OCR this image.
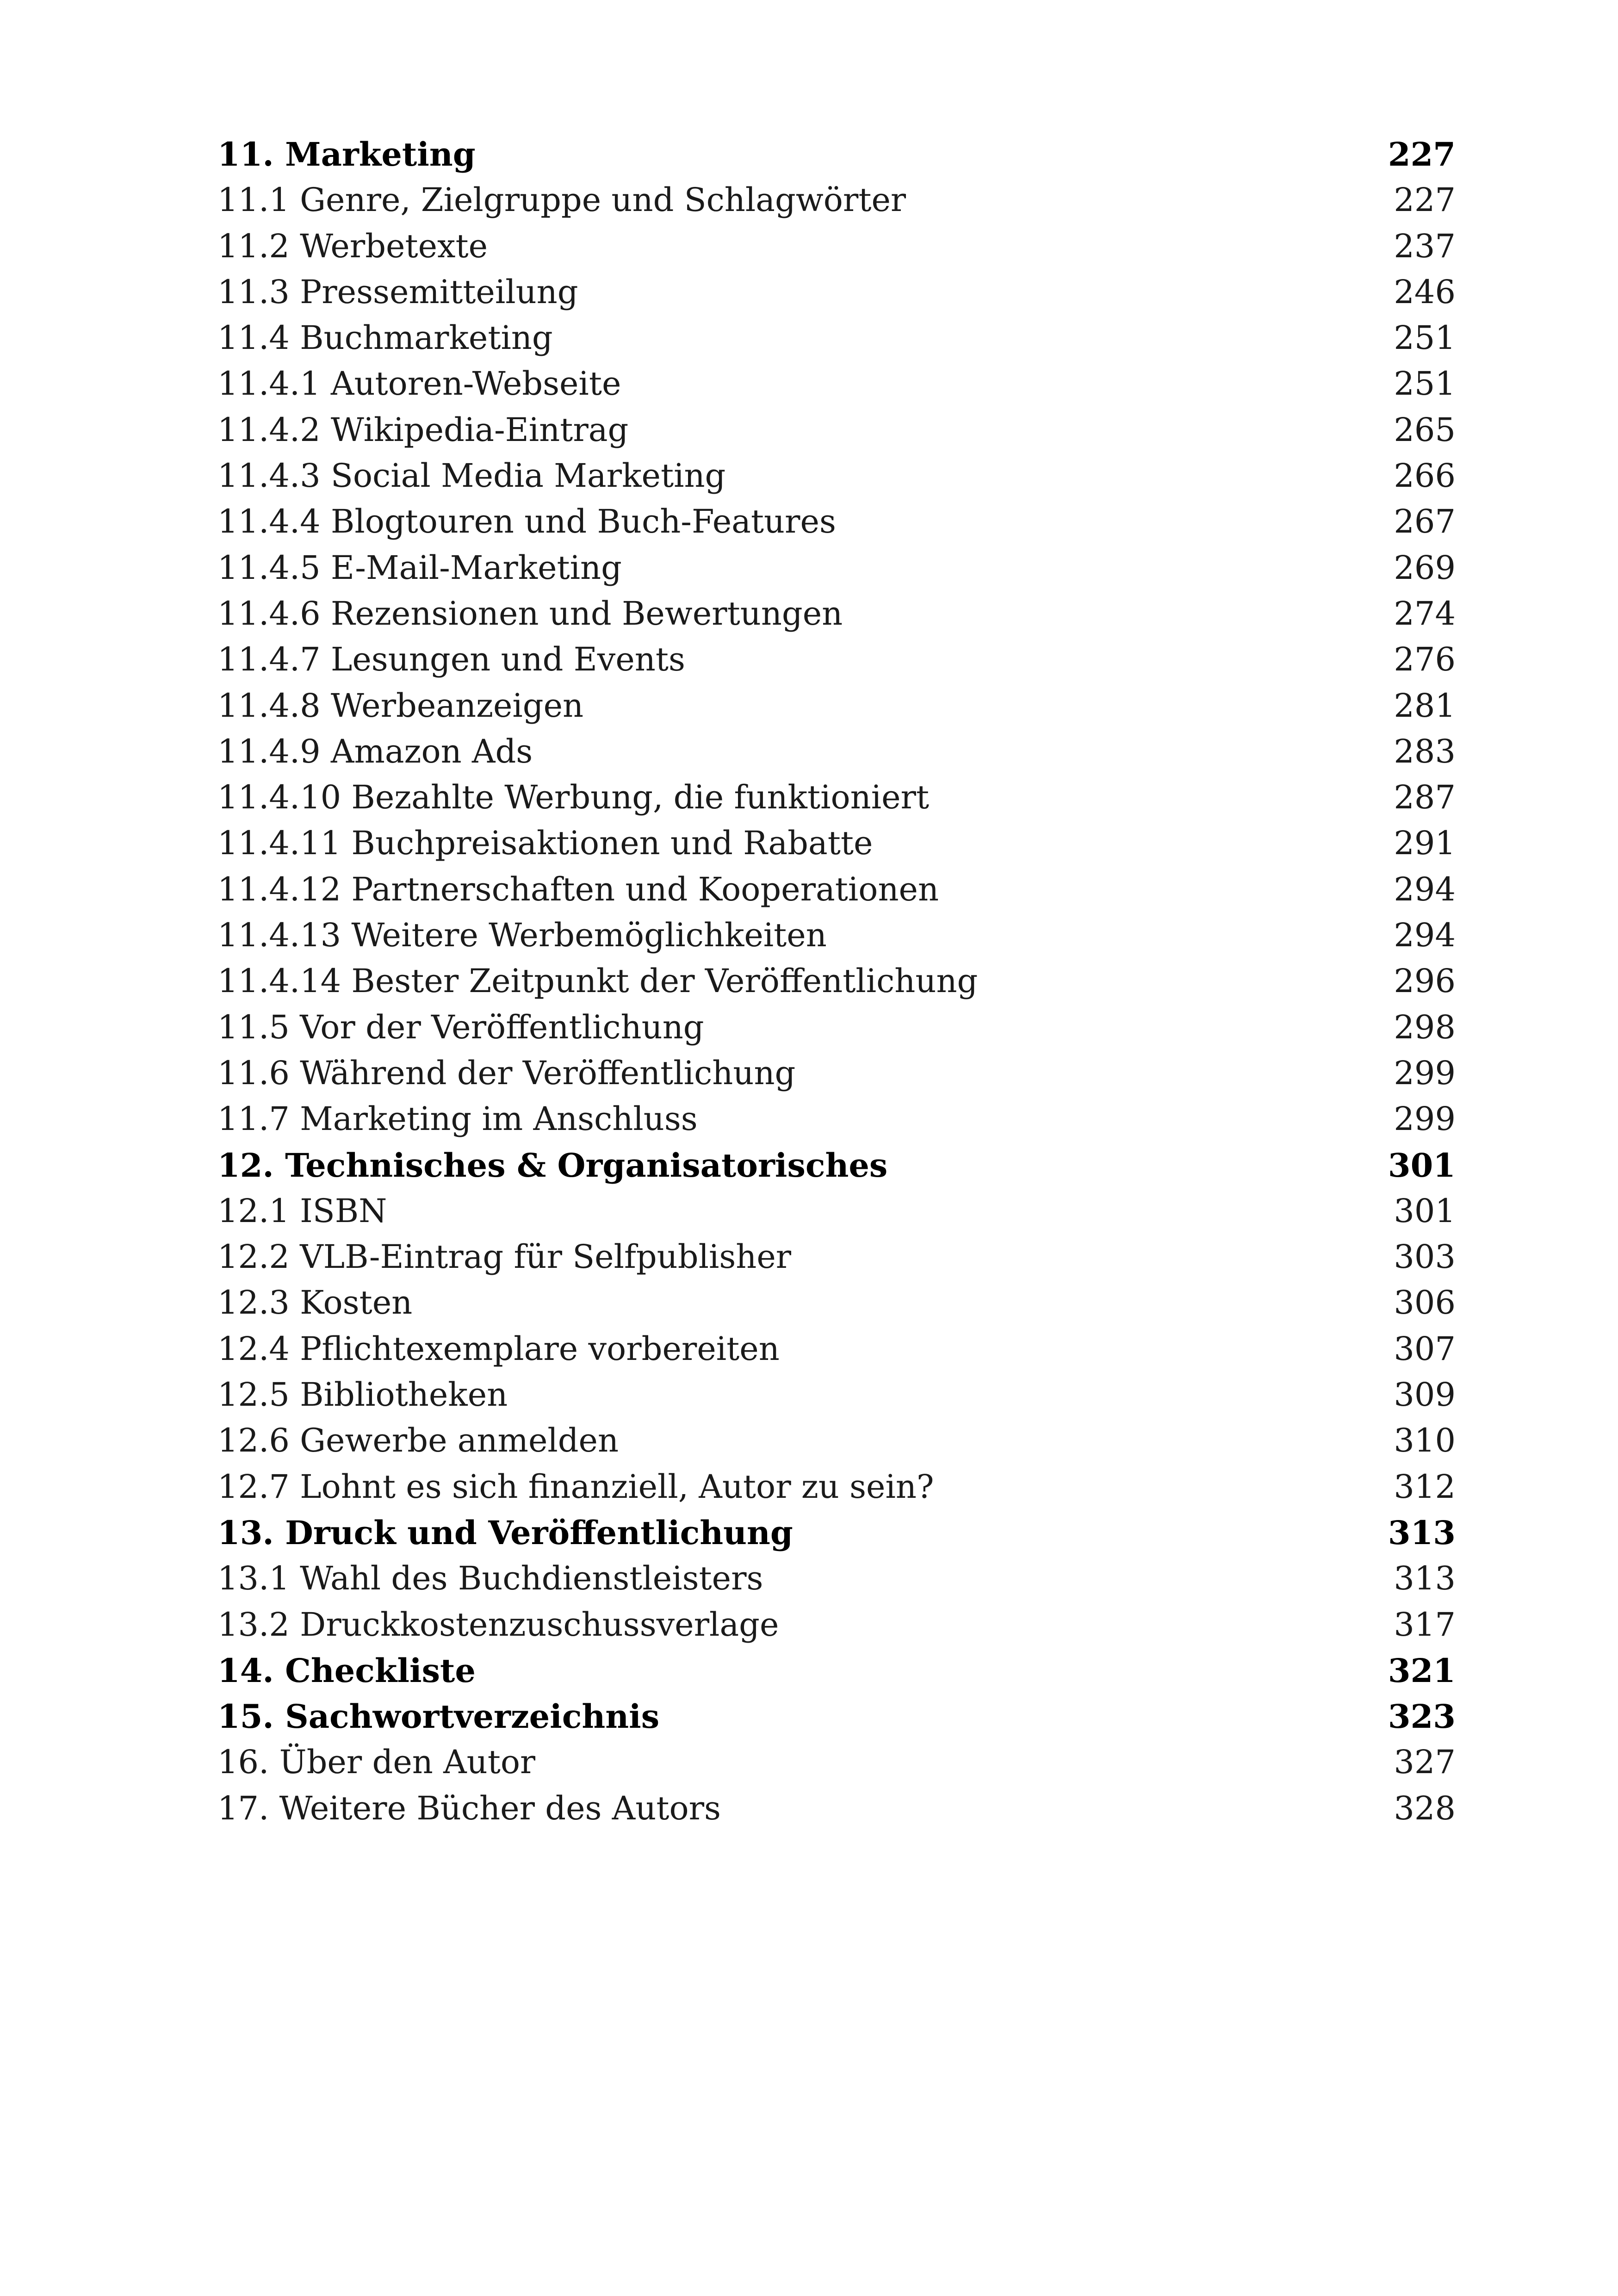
11. Marketing	227
11.1 Genre, Zielgruppe und Schlagwörter	227
11.2 Werbetexte	237
11.3 Pressemitteilung	246
11.4 Buchmarketing	251
11.4.1 Autoren-Webseite	251
11.4.2 Wikipedia-Eintrag	265
11.4.3 Social Media Marketing	266
11.4.4 Blogtouren und Buch-Features	267
11.4.5 E-Mail-Marketing	269
11.4.6 Rezensionen und Bewertungen	274
11.4.7 Lesungen und Events	276
11.4.8 Werbeanzeigen	281
11.4.9 Amazon Ads	283
11.4.10 Bezahlte Werbung, die funktioniert	287
11.4.11 Buchpreisaktionen und Rabatte	291
11.4.12 Partnerschaften und Kooperationen	294
11.4.13 Weitere Werbemöglichkeiten	294
11.4.14 Bester Zeitpunkt der Veröffentlichung	296
11.5 Vor der Veröffentlichung	298
11.6 Während der Veröffentlichung	299
11.7 Marketing im Anschluss	299
12. Technisches & Organisatorisches	301
12.1 ISBN	301
12.2 VLB-Eintrag für Selfpublisher	303
12.3 Kosten	306
12.4 Pflichtexemplare vorbereiten	307
12.5 Bibliotheken	309
12.6 Gewerbe anmelden	310
12.7 Lohnt es sich finanziell, Autor zu sein?	312
13. Druck und Veröffentlichung	313
13.1 Wahl des Buchdienstleisters	313
13.2 Druckkostenzuschussverlage	317
14. Checkliste	321
15. Sachwortverzeichnis	323
16. Über den Autor	327
17. Weitere Bücher des Autors	328
